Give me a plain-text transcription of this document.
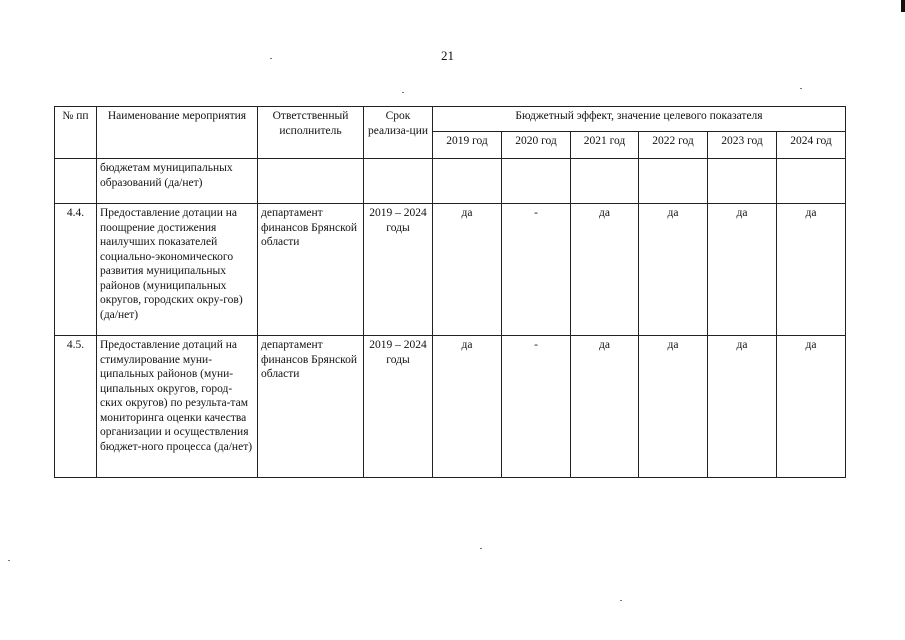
21
№ пп	Наименование мероприятия	Ответственный исполнитель	Срок реализа-ции	Бюджетный эффект, значение целевого показателя					
				2019 год	2020 год	2021 год	2022 год	2023 год	2024 год
	бюджетам муниципальных образований (да/нет)								
4.4.	Предоставление дотации на поощрение достижения наилучших показателей социально-экономического развития муниципальных районов (муниципальных округов, городских окру-гов) (да/нет)	департамент финансов Брянской области	2019 – 2024 годы	да	-	да	да	да	да
4.5.	Предоставление дотаций на стимулирование муни-ципальных районов (муни-ципальных округов, город-ских округов) по результа-там мониторинга оценки качества организации и осуществления бюджет-ного процесса (да/нет)	департамент финансов Брянской области	2019 – 2024 годы	да	-	да	да	да	да
